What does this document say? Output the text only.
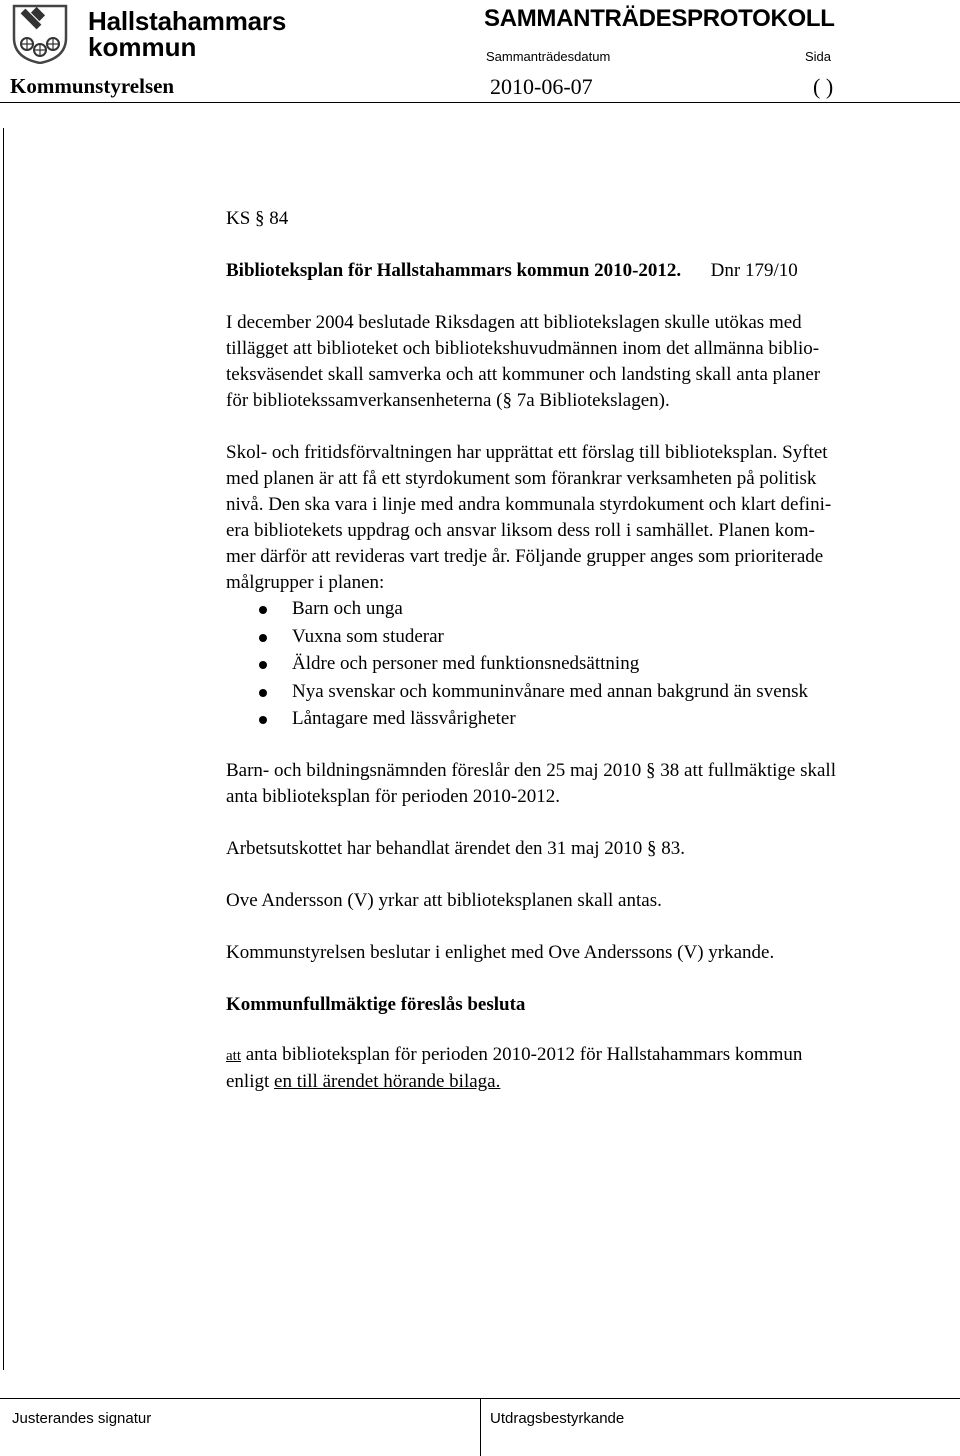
Hallstahammars
kommun
SAMMANTRÄDESPROTOKOLL
Sammanträdesdatum	Sida
Kommunstyrelsen	2010-06-07	( )
KS § 84
Biblioteksplan för Hallstahammars kommun 2010-2012. Dnr 179/10
I december 2004 beslutade Riksdagen att bibliotekslagen skulle utökas med
tillägget att biblioteket och bibliotekshuvudmännen inom det allmänna biblio-
teksväsendet skall samverka och att kommuner och landsting skall anta planer
för bibliotekssamverkansenheterna (§ 7a Bibliotekslagen).
Skol- och fritidsförvaltningen har upprättat ett förslag till biblioteksplan. Syftet
med planen är att få ett styrdokument som förankrar verksamheten på politisk
nivå. Den ska vara i linje med andra kommunala styrdokument och klart defini-
era bibliotekets uppdrag och ansvar liksom dess roll i samhället. Planen kom-
mer därför att revideras vart tredje år. Följande grupper anges som prioriterade
målgrupper i planen:
Barn och unga
Vuxna som studerar
Äldre och personer med funktionsnedsättning
Nya svenskar och kommuninvånare med annan bakgrund än svensk
Låntagare med lässvårigheter
Barn- och bildningsnämnden föreslår den 25 maj 2010 § 38 att fullmäktige skall
anta biblioteksplan för perioden 2010-2012.
Arbetsutskottet har behandlat ärendet den 31 maj 2010 § 83.
Ove Andersson (V) yrkar att biblioteksplanen skall antas.
Kommunstyrelsen beslutar i enlighet med Ove Anderssons (V) yrkande.
Kommunfullmäktige föreslås besluta
att anta biblioteksplan för perioden 2010-2012 för Hallstahammars kommun
enligt en till ärendet hörande bilaga.
Justerandes signatur	Utdragsbestyrkande
